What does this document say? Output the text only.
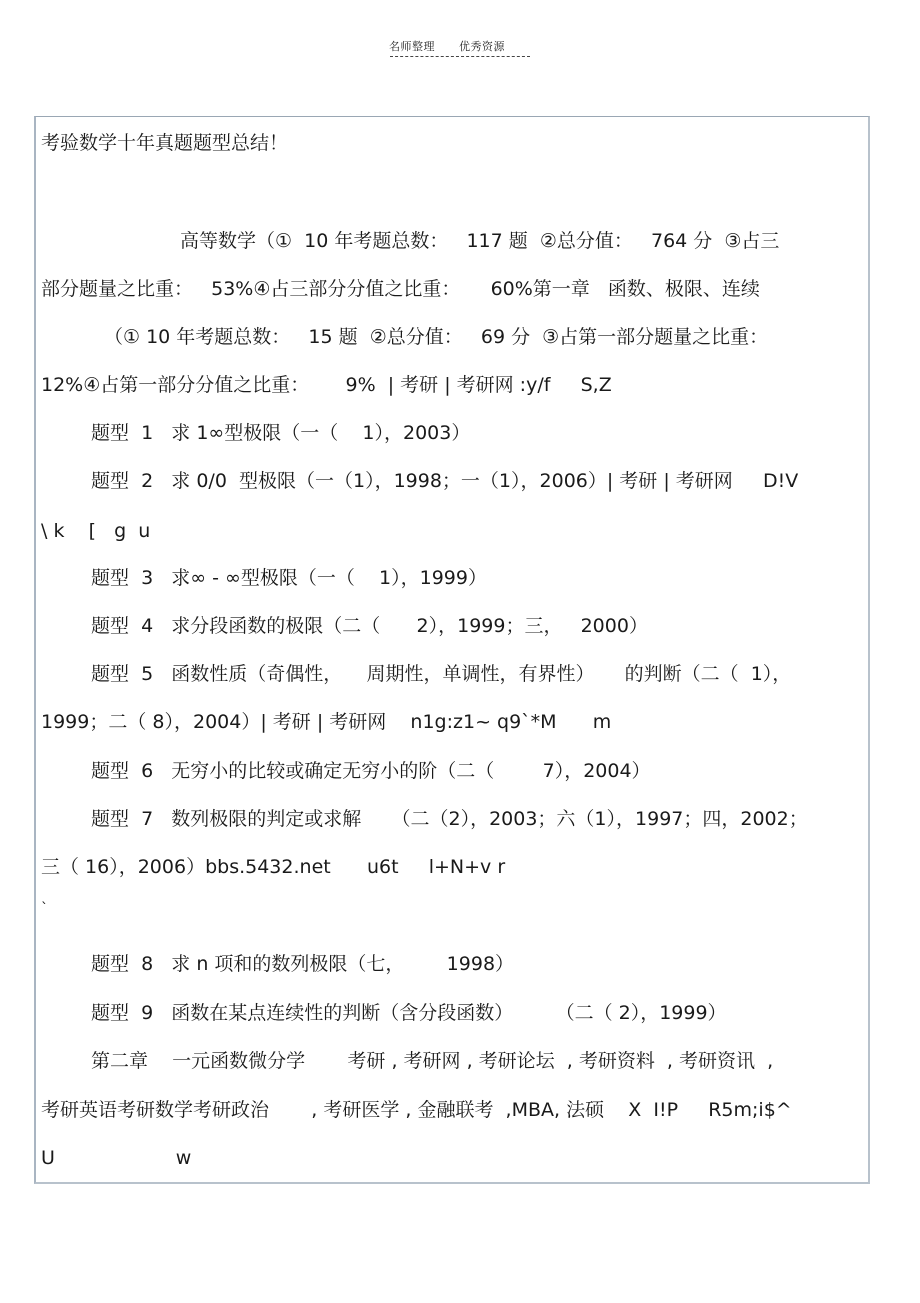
名师整理      优秀资源
考验数学十年真题题型总结！
高等数学（①  10 年考题总数：   117 题  ②总分值：   764 分  ③占三
部分题量之比重：   53%④占三部分分值之比重：     60%第一章   函数、极限、连续
（① 10 年考题总数：   15 题  ②总分值：   69 分  ③占第一部分题量之比重：
12%④占第一部分分值之比重：      9%  | 考研 | 考研网 :y/f     S,Z
题型  1   求 1∞型极限（一（    1），2003）
题型  2   求 0/0  型极限（一（1），1998；一（1），2006）| 考研 | 考研网     D!V
\ k    [   g  u
题型  3   求∞ - ∞型极限（一（    1），1999）
题型  4   求分段函数的极限（二（      2），1999；三，   2000）
题型  5   函数性质（奇偶性，    周期性，单调性，有界性）     的判断（二（  1），
1999；二（ 8），2004）| 考研 | 考研网    n1g:z1~ q9`*M      m
题型  6   无穷小的比较或确定无穷小的阶（二（        7），2004）
题型  7   数列极限的判定或求解     （二（2），2003；六（1），1997；四，2002；
三（ 16），2006）bbs.5432.net      u6t     l+N+v r
`
题型  8   求 n 项和的数列极限（七，       1998）
题型  9   函数在某点连续性的判断（含分段函数）       （二（ 2），1999）
第二章    一元函数微分学       考研 , 考研网 , 考研论坛  , 考研资料  , 考研资讯  ,
考研英语考研数学考研政治       , 考研医学 , 金融联考  ,MBA, 法硕    X  I!P     R5m;i$^
U                    w
